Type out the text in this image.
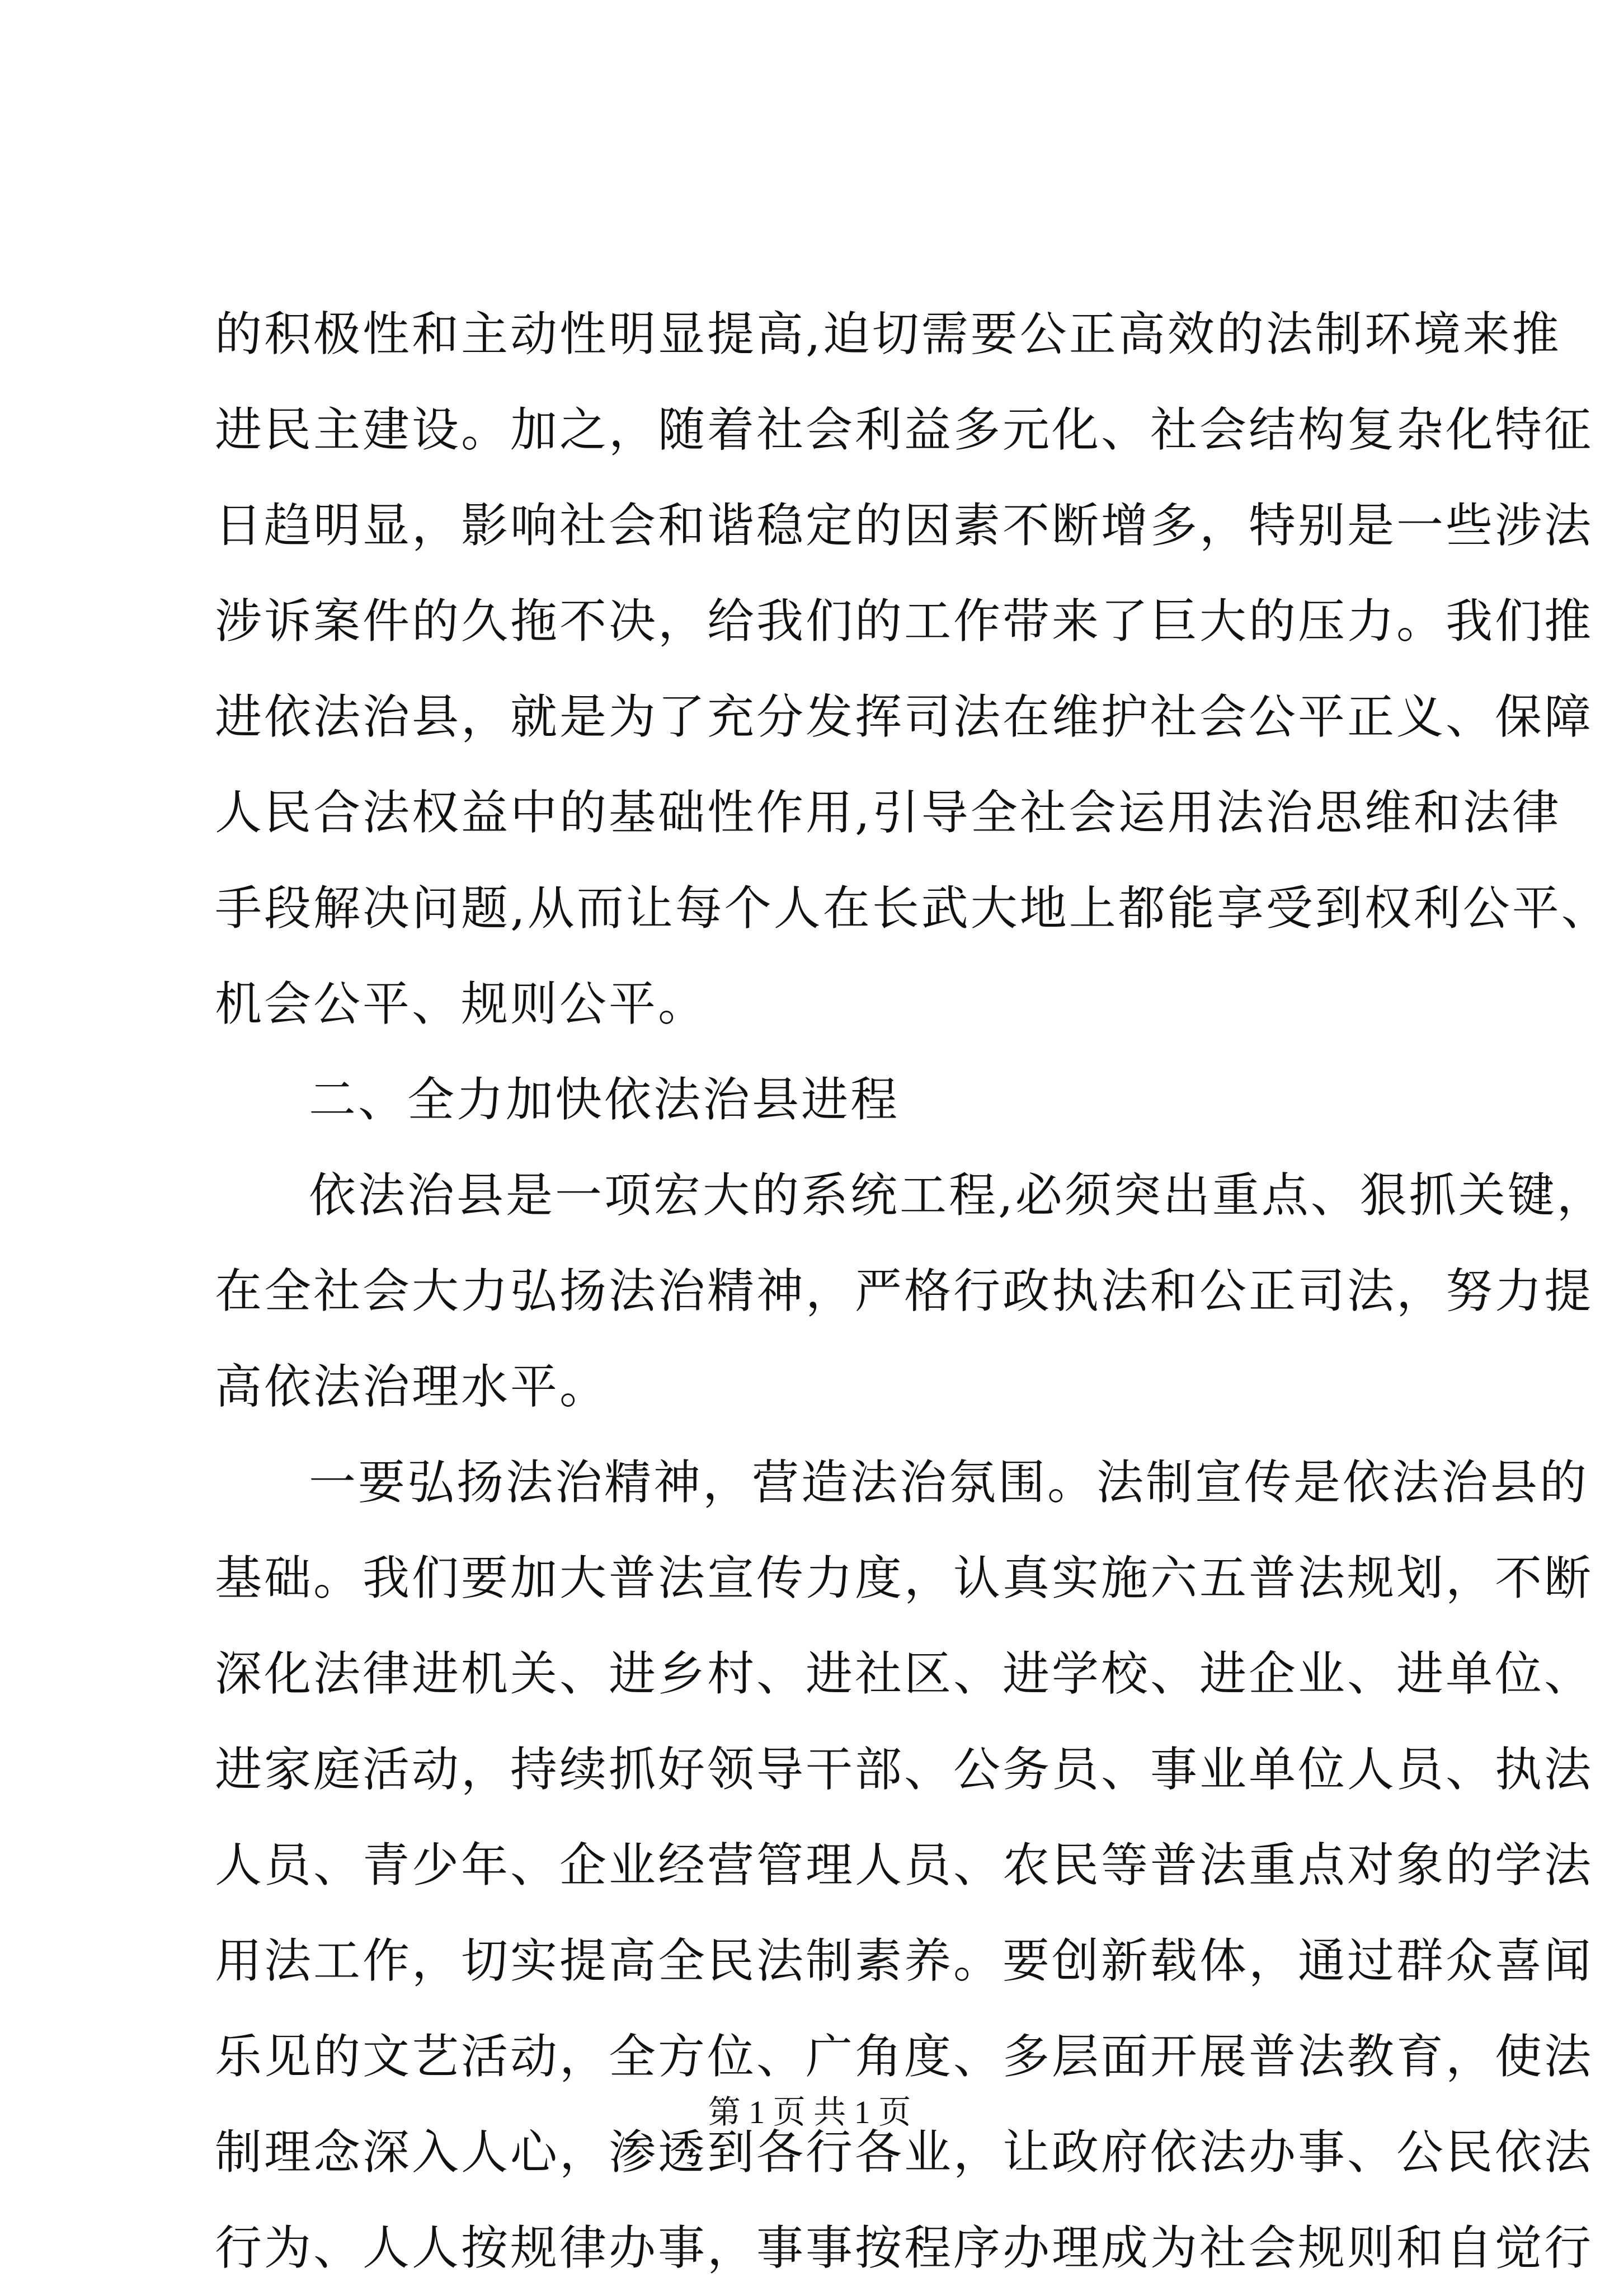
的积极性和主动性明显提高,迫切需要公正高效的法制环境来推
进民主建设。加之，随着社会利益多元化、社会结构复杂化特征
日趋明显，影响社会和谐稳定的因素不断增多，特别是一些涉法
涉诉案件的久拖不决，给我们的工作带来了巨大的压力。我们推
进依法治县，就是为了充分发挥司法在维护社会公平正义、保障
人民合法权益中的基础性作用,引导全社会运用法治思维和法律
手段解决问题,从而让每个人在长武大地上都能享受到权利公平、
机会公平、规则公平。
二、全力加快依法治县进程
依法治县是一项宏大的系统工程,必须突出重点、狠抓关键，
在全社会大力弘扬法治精神，严格行政执法和公正司法，努力提
高依法治理水平。
一要弘扬法治精神，营造法治氛围。法制宣传是依法治县的
基础。我们要加大普法宣传力度，认真实施六五普法规划，不断
深化法律进机关、进乡村、进社区、进学校、进企业、进单位、
进家庭活动，持续抓好领导干部、公务员、事业单位人员、执法
人员、青少年、企业经营管理人员、农民等普法重点对象的学法
用法工作，切实提高全民法制素养。要创新载体，通过群众喜闻
乐见的文艺活动，全方位、广角度、多层面开展普法教育，使法
制理念深入人心，渗透到各行各业，让政府依法办事、公民依法
行为、人人按规律办事，事事按程序办理成为社会规则和自觉行
第 1 页 共 1 页
